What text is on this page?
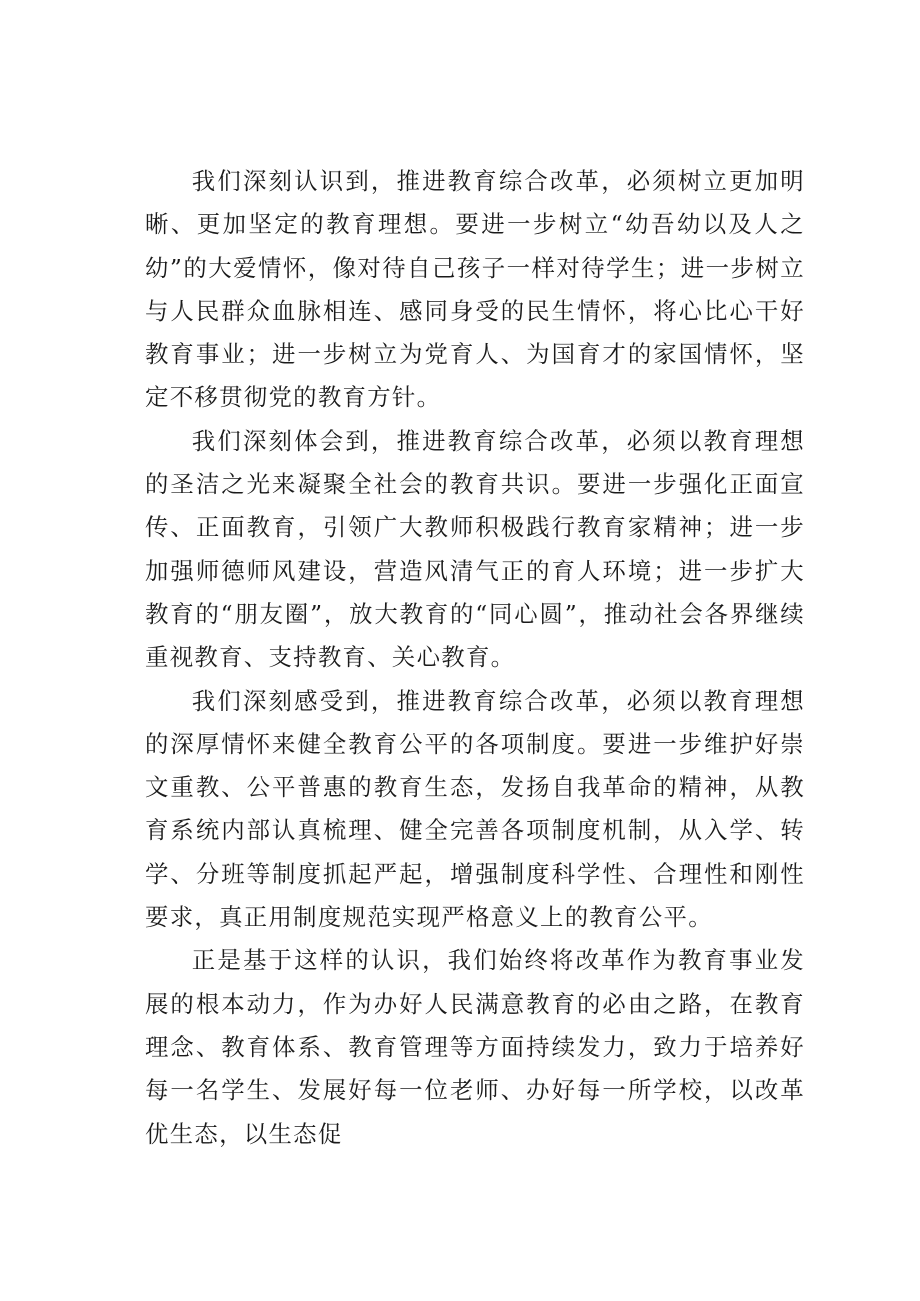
我们深刻认识到，推进教育综合改革，必须树立更加明晰、更加坚定的教育理想。要进一步树立“幼吾幼以及人之幼”的大爱情怀，像对待自己孩子一样对待学生；进一步树立与人民群众血脉相连、感同身受的民生情怀，将心比心干好教育事业；进一步树立为党育人、为国育才的家国情怀，坚定不移贯彻党的教育方针。

我们深刻体会到，推进教育综合改革，必须以教育理想的圣洁之光来凝聚全社会的教育共识。要进一步强化正面宣传、正面教育，引领广大教师积极践行教育家精神；进一步加强师德师风建设，营造风清气正的育人环境；进一步扩大教育的“朋友圈”，放大教育的“同心圆”，推动社会各界继续重视教育、支持教育、关心教育。

我们深刻感受到，推进教育综合改革，必须以教育理想的深厚情怀来健全教育公平的各项制度。要进一步维护好崇文重教、公平普惠的教育生态，发扬自我革命的精神，从教育系统内部认真梳理、健全完善各项制度机制，从入学、转学、分班等制度抓起严起，增强制度科学性、合理性和刚性要求，真正用制度规范实现严格意义上的教育公平。

正是基于这样的认识，我们始终将改革作为教育事业发展的根本动力，作为办好人民满意教育的必由之路，在教育理念、教育体系、教育管理等方面持续发力，致力于培养好每一名学生、发展好每一位老师、办好每一所学校，以改革优生态，以生态促
